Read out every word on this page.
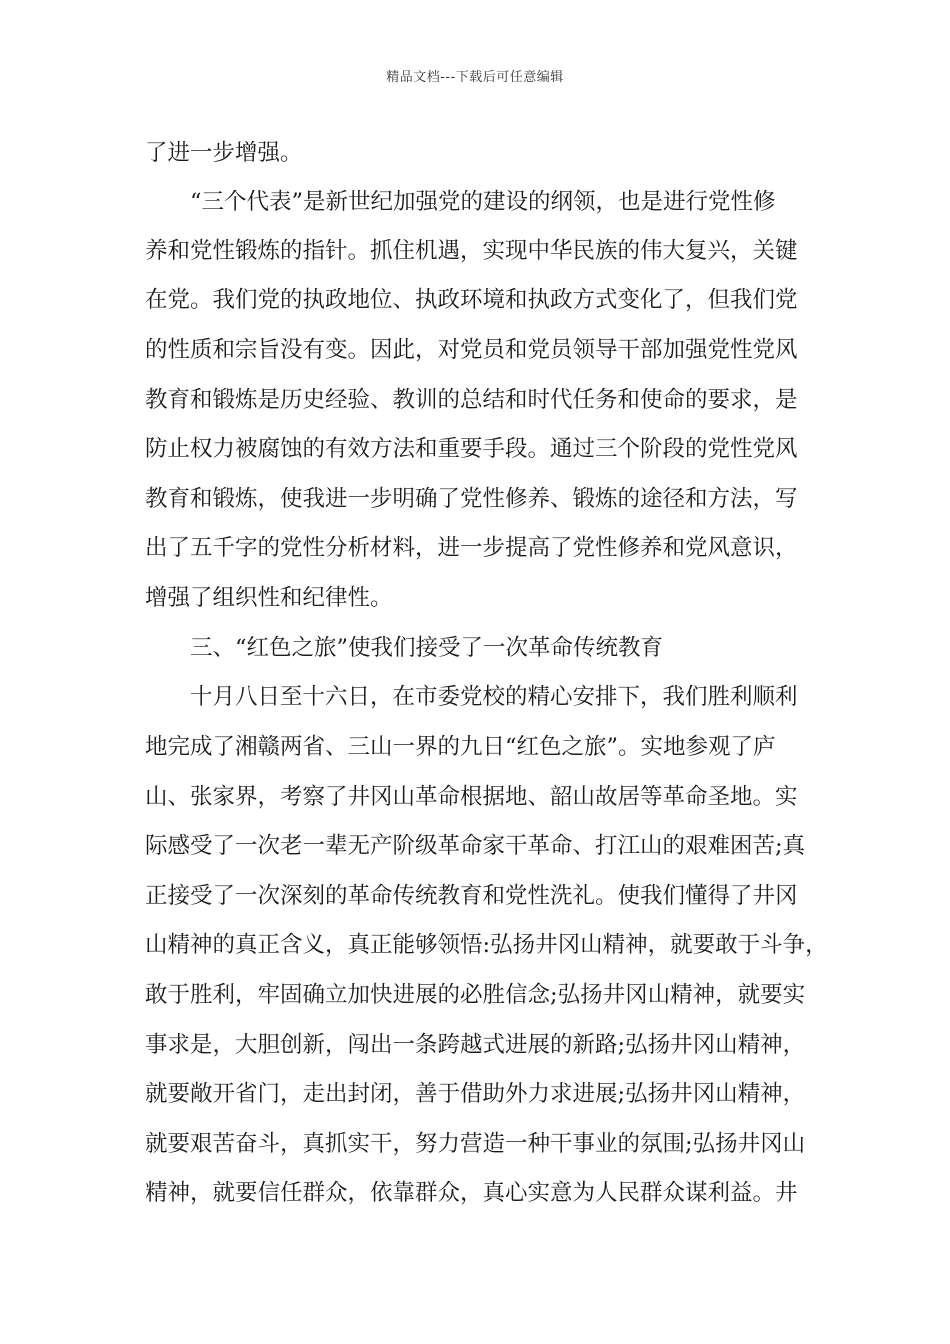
精品文档---下载后可任意编辑
了进一步增强。
“三个代表”是新世纪加强党的建设的纲领，也是进行党性修
养和党性锻炼的指针。抓住机遇，实现中华民族的伟大复兴，关键
在党。我们党的执政地位、执政环境和执政方式变化了，但我们党
的性质和宗旨没有变。因此，对党员和党员领导干部加强党性党风
教育和锻炼是历史经验、教训的总结和时代任务和使命的要求，是
防止权力被腐蚀的有效方法和重要手段。通过三个阶段的党性党风
教育和锻炼，使我进一步明确了党性修养、锻炼的途径和方法，写
出了五千字的党性分析材料，进一步提高了党性修养和党风意识，
增强了组织性和纪律性。
三、“红色之旅”使我们接受了一次革命传统教育
十月八日至十六日，在市委党校的精心安排下，我们胜利顺利
地完成了湘赣两省、三山一界的九日“红色之旅”。实地参观了庐
山、张家界，考察了井冈山革命根据地、韶山故居等革命圣地。实
际感受了一次老一辈无产阶级革命家干革命、打江山的艰难困苦;真
正接受了一次深刻的革命传统教育和党性洗礼。使我们懂得了井冈
山精神的真正含义，真正能够领悟:弘扬井冈山精神，就要敢于斗争，
敢于胜利，牢固确立加快进展的必胜信念;弘扬井冈山精神，就要实
事求是，大胆创新，闯出一条跨越式进展的新路;弘扬井冈山精神，
就要敞开省门，走出封闭，善于借助外力求进展;弘扬井冈山精神，
就要艰苦奋斗，真抓实干，努力营造一种干事业的氛围;弘扬井冈山
精神，就要信任群众，依靠群众，真心实意为人民群众谋利益。井
